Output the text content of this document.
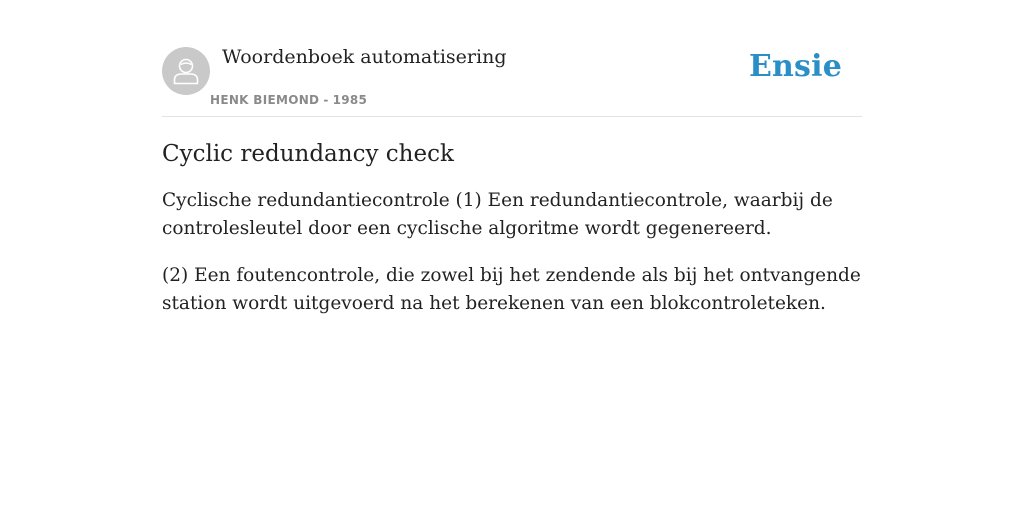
Woordenboek automatisering
HENK BIEMOND - 1985
Ensie
Cyclic redundancy check

Cyclische redundantiecontrole (1) Een redundantiecontrole, waarbij de controlesleutel door een cyclische algoritme wordt gegenereerd.

(2) Een foutencontrole, die zowel bij het zendende als bij het ontvangende station wordt uitgevoerd na het berekenen van een blokcontroleteken.
